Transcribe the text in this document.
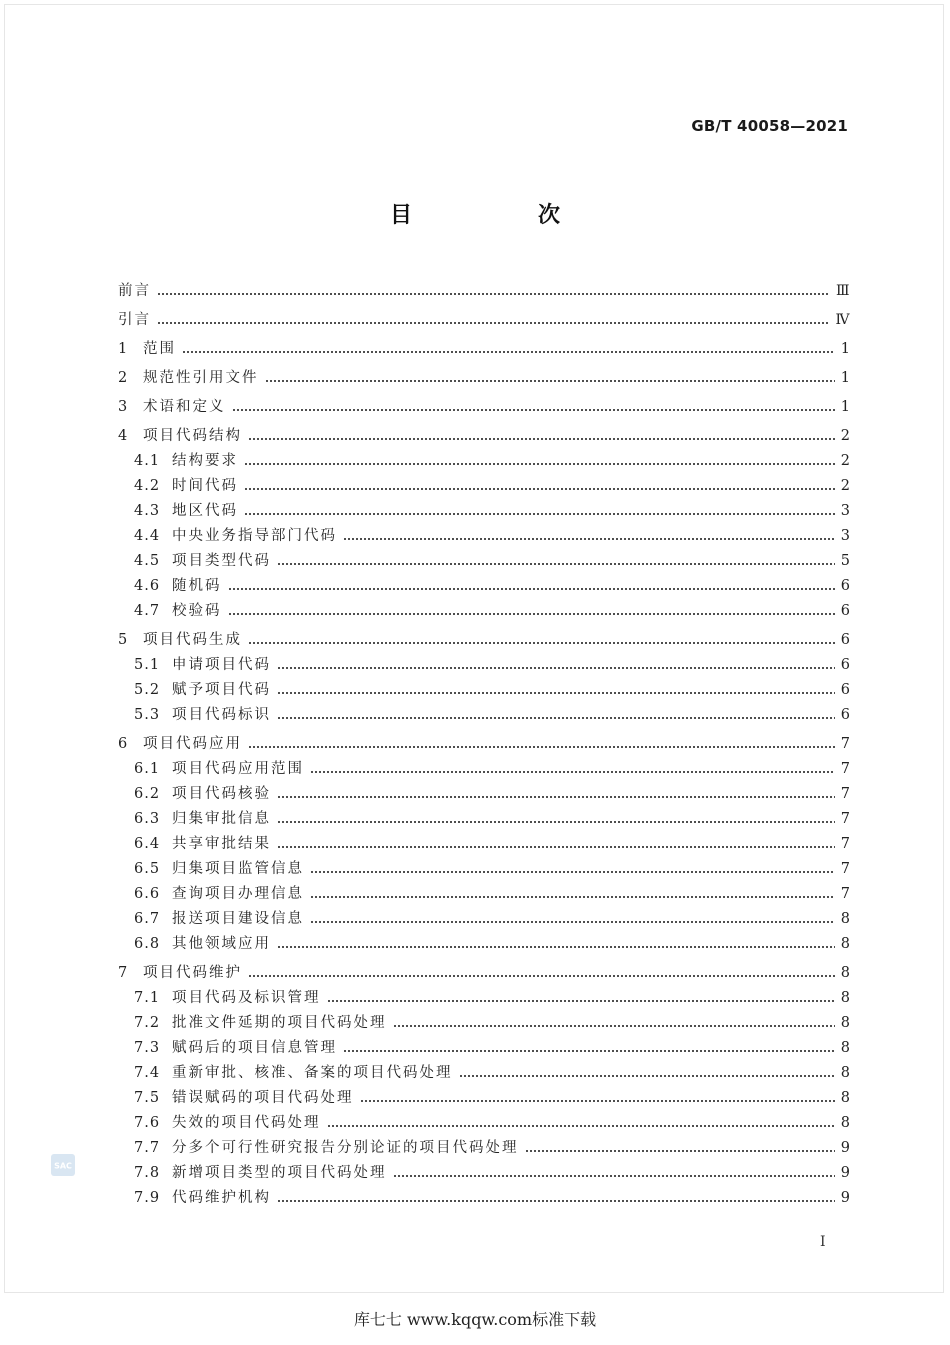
GB/T 40058—2021
目　次
前言	Ⅲ
引言	Ⅳ
1	范围	1
2	规范性引用文件	1
3	术语和定义	1
4	项目代码结构	2
4.1 结构要求	2
4.2 时间代码	2
4.3 地区代码	3
4.4 中央业务指导部门代码	3
4.5 项目类型代码	5
4.6 随机码	6
4.7 校验码	6
5	项目代码生成	6
5.1 申请项目代码	6
5.2 赋予项目代码	6
5.3 项目代码标识	6
6	项目代码应用	7
6.1 项目代码应用范围	7
6.2 项目代码核验	7
6.3 归集审批信息	7
6.4 共享审批结果	7
6.5 归集项目监管信息	7
6.6 查询项目办理信息	7
6.7 报送项目建设信息	8
6.8 其他领域应用	8
7	项目代码维护	8
7.1 项目代码及标识管理	8
7.2 批准文件延期的项目代码处理	8
7.3 赋码后的项目信息管理	8
7.4 重新审批、核准、备案的项目代码处理	8
7.5 错误赋码的项目代码处理	8
7.6 失效的项目代码处理	8
7.7 分多个可行性研究报告分别论证的项目代码处理	9
7.8 新增项目类型的项目代码处理	9
7.9 代码维护机构	9
SAC
I
库七七 www.kqqw.com标准下载
